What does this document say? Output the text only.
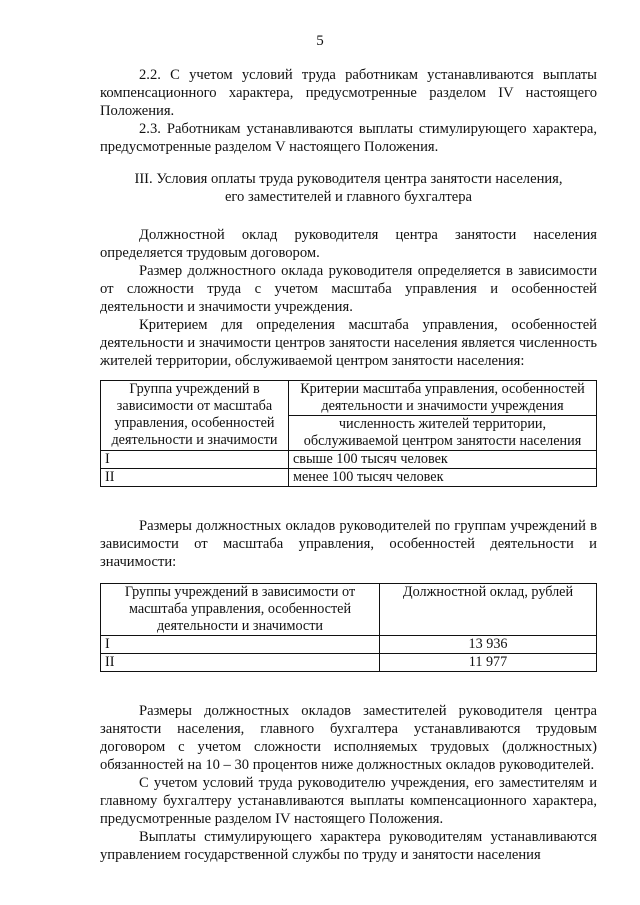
5

2.2. С учетом условий труда работникам устанавливаются выплаты компенсационного характера, предусмотренные разделом IV настоящего Положения.

2.3. Работникам устанавливаются выплаты стимулирующего характера, предусмотренные разделом V настоящего Положения.

III. Условия оплаты труда руководителя центра занятости населения,
его заместителей и главного бухгалтера

Должностной оклад руководителя центра занятости населения определяется трудовым договором.

Размер должностного оклада руководителя определяется в зависимости от сложности труда с учетом масштаба управления и особенностей деятельности и значимости учреждения.

Критерием для определения масштаба управления, особенностей деятельности и значимости центров занятости населения является численность жителей территории, обслуживаемой центром занятости населения:

Группа учреждений в зависимости от масштаба управления, особенностей деятельности и значимости	Критерии масштаба управления, особенностей деятельности и значимости учреждения
	численность жителей территории, обслуживаемой центром занятости населения
I	свыше 100 тысяч человек
II	менее 100 тысяч человек

Размеры должностных окладов руководителей по группам учреждений в зависимости от масштаба управления, особенностей деятельности и значимости:

Группы учреждений в зависимости от масштаба управления, особенностей деятельности и значимости	Должностной оклад, рублей
I	13 936
II	11 977

Размеры должностных окладов заместителей руководителя центра занятости населения, главного бухгалтера устанавливаются трудовым договором с учетом сложности исполняемых трудовых (должностных) обязанностей на 10 – 30 процентов ниже должностных окладов руководителей.

С учетом условий труда руководителю учреждения, его заместителям и главному бухгалтеру устанавливаются выплаты компенсационного характера, предусмотренные разделом IV настоящего Положения.

Выплаты стимулирующего характера руководителям устанавливаются управлением государственной службы по труду и занятости населения
